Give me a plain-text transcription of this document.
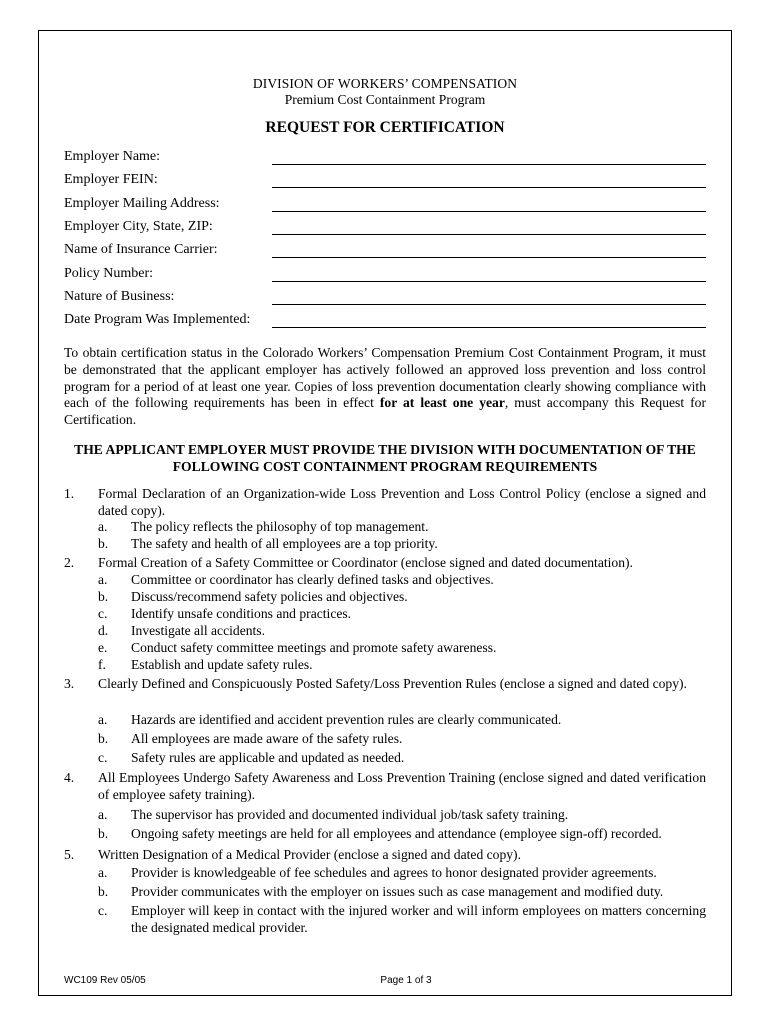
DIVISION OF WORKERS’ COMPENSATION
Premium Cost Containment Program
REQUEST FOR CERTIFICATION
Employer Name:
Employer FEIN:
Employer Mailing Address:
Employer City, State, ZIP:
Name of Insurance Carrier:
Policy Number:
Nature of Business:
Date Program Was Implemented:
To obtain certification status in the Colorado Workers’ Compensation Premium Cost Containment Program, it must be demonstrated that the applicant employer has actively followed an approved loss prevention and loss control program for a period of at least one year. Copies of loss prevention documentation clearly showing compliance with each of the following requirements has been in effect for at least one year, must accompany this Request for Certification.
THE APPLICANT EMPLOYER MUST PROVIDE THE DIVISION WITH DOCUMENTATION OF THE FOLLOWING COST CONTAINMENT PROGRAM REQUIREMENTS
1. Formal Declaration of an Organization-wide Loss Prevention and Loss Control Policy (enclose a signed and dated copy).
a. The policy reflects the philosophy of top management.
b. The safety and health of all employees are a top priority.
2. Formal Creation of a Safety Committee or Coordinator (enclose signed and dated documentation).
a. Committee or coordinator has clearly defined tasks and objectives.
b. Discuss/recommend safety policies and objectives.
c. Identify unsafe conditions and practices.
d. Investigate all accidents.
e. Conduct safety committee meetings and promote safety awareness.
f. Establish and update safety rules.
3.	Clearly Defined and Conspicuously Posted Safety/Loss Prevention Rules (enclose a signed and dated copy).
a. Hazards are identified and accident prevention rules are clearly communicated.
b. All employees are made aware of the safety rules.
c. Safety rules are applicable and updated as needed.
4. All Employees Undergo Safety Awareness and Loss Prevention Training (enclose signed and dated verification of employee safety training).
a. The supervisor has provided and documented individual job/task safety training.
b. Ongoing safety meetings are held for all employees and attendance (employee sign-off) recorded.
5. Written Designation of a Medical Provider (enclose a signed and dated copy).
a. Provider is knowledgeable of fee schedules and agrees to honor designated provider agreements.
b. Provider communicates with the employer on issues such as case management and modified duty.
c. Employer will keep in contact with the injured worker and will inform employees on matters concerning the designated medical provider.
WC109 Rev 05/05	Page 1 of 3
